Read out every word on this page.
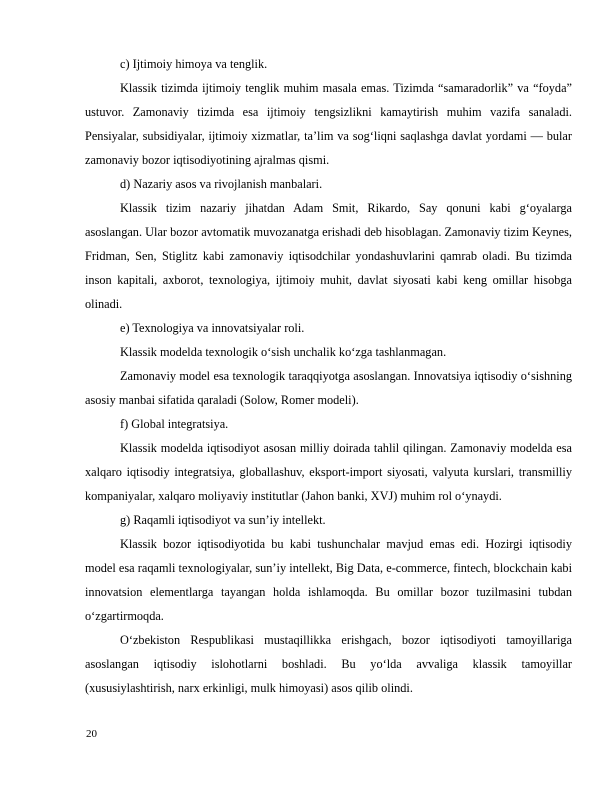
c) Ijtimoiy himoya va tenglik.

Klassik tizimda ijtimoiy tenglik muhim masala emas. Tizimda “samaradorlik” va “foyda” ustuvor. Zamonaviy tizimda esa ijtimoiy tengsizlikni kamaytirish muhim vazifa sanaladi. Pensiyalar, subsidiyalar, ijtimoiy xizmatlar, ta’lim va sog‘liqni saqlashga davlat yordami — bular zamonaviy bozor iqtisodiyotining ajralmas qismi.

d) Nazariy asos va rivojlanish manbalari.

Klassik tizim nazariy jihatdan Adam Smit, Rikardo, Say qonuni kabi g‘oyalarga asoslangan. Ular bozor avtomatik muvozanatga erishadi deb hisoblagan. Zamonaviy tizim Keynes, Fridman, Sen, Stiglitz kabi zamonaviy iqtisodchilar yondashuvlarini qamrab oladi. Bu tizimda inson kapitali, axborot, texnologiya, ijtimoiy muhit, davlat siyosati kabi keng omillar hisobga olinadi.

e) Texnologiya va innovatsiyalar roli.

Klassik modelda texnologik o‘sish unchalik ko‘zga tashlanmagan.

Zamonaviy model esa texnologik taraqqiyotga asoslangan. Innovatsiya iqtisodiy o‘sishning asosiy manbai sifatida qaraladi (Solow, Romer modeli).

f) Global integratsiya.

Klassik modelda iqtisodiyot asosan milliy doirada tahlil qilingan. Zamonaviy modelda esa xalqaro iqtisodiy integratsiya, globallashuv, eksport-import siyosati, valyuta kurslari, transmilliy kompaniyalar, xalqaro moliyaviy institutlar (Jahon banki, XVJ) muhim rol o‘ynaydi.

g) Raqamli iqtisodiyot va sun’iy intellekt.

Klassik bozor iqtisodiyotida bu kabi tushunchalar mavjud emas edi. Hozirgi iqtisodiy model esa raqamli texnologiyalar, sun’iy intellekt, Big Data, e-commerce, fintech, blockchain kabi innovatsion elementlarga tayangan holda ishlamoqda. Bu omillar bozor tuzilmasini tubdan o‘zgartirmoqda.

O‘zbekiston Respublikasi mustaqillikka erishgach, bozor iqtisodiyoti tamoyillariga asoslangan iqtisodiy islohotlarni boshladi. Bu yo‘lda avvaliga klassik tamoyillar (xususiylashtirish, narx erkinligi, mulk himoyasi) asos qilib olindi.

20
